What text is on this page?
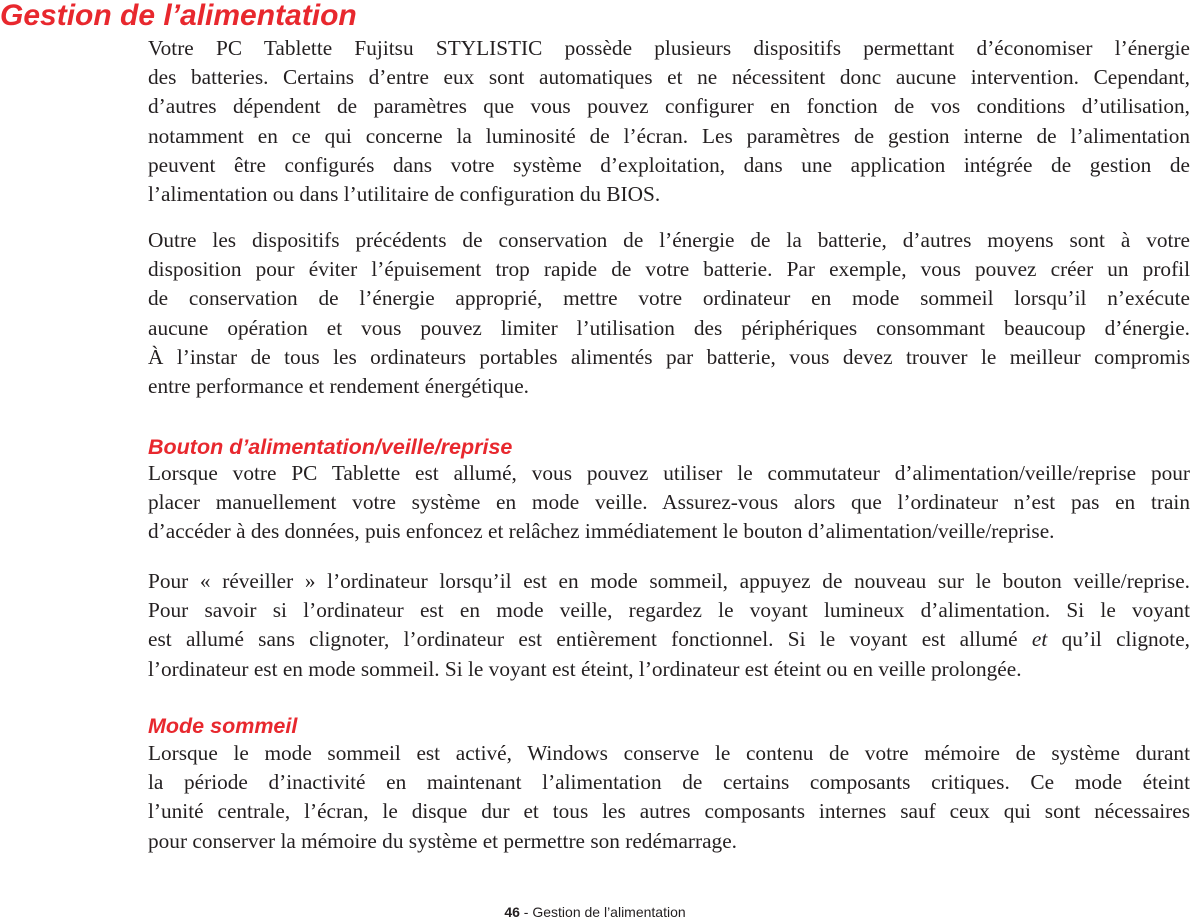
Gestion de l’alimentation
Votre PC Tablette Fujitsu STYLISTIC possède plusieurs dispositifs permettant d’économiser l’énergie
des batteries. Certains d’entre eux sont automatiques et ne nécessitent donc aucune intervention. Cependant,
d’autres dépendent de paramètres que vous pouvez configurer en fonction de vos conditions d’utilisation,
notamment en ce qui concerne la luminosité de l’écran. Les paramètres de gestion interne de l’alimentation
peuvent être configurés dans votre système d’exploitation, dans une application intégrée de gestion de
l’alimentation ou dans l’utilitaire de configuration du BIOS.
Outre les dispositifs précédents de conservation de l’énergie de la batterie, d’autres moyens sont à votre
disposition pour éviter l’épuisement trop rapide de votre batterie. Par exemple, vous pouvez créer un profil
de conservation de l’énergie approprié, mettre votre ordinateur en mode sommeil lorsqu’il n’exécute
aucune opération et vous pouvez limiter l’utilisation des périphériques consommant beaucoup d’énergie.
À l’instar de tous les ordinateurs portables alimentés par batterie, vous devez trouver le meilleur compromis
entre performance et rendement énergétique.
Bouton d’alimentation/veille/reprise
Lorsque votre PC Tablette est allumé, vous pouvez utiliser le commutateur d’alimentation/veille/reprise pour
placer manuellement votre système en mode veille. Assurez-vous alors que l’ordinateur n’est pas en train
d’accéder à des données, puis enfoncez et relâchez immédiatement le bouton d’alimentation/veille/reprise.
Pour « réveiller » l’ordinateur lorsqu’il est en mode sommeil, appuyez de nouveau sur le bouton veille/reprise.
Pour savoir si l’ordinateur est en mode veille, regardez le voyant lumineux d’alimentation. Si le voyant
est allumé sans clignoter, l’ordinateur est entièrement fonctionnel. Si le voyant est allumé et qu’il clignote,
l’ordinateur est en mode sommeil. Si le voyant est éteint, l’ordinateur est éteint ou en veille prolongée.
Mode sommeil
Lorsque le mode sommeil est activé, Windows conserve le contenu de votre mémoire de système durant
la période d’inactivité en maintenant l’alimentation de certains composants critiques. Ce mode éteint
l’unité centrale, l’écran, le disque dur et tous les autres composants internes sauf ceux qui sont nécessaires
pour conserver la mémoire du système et permettre son redémarrage.
46 - Gestion de l’alimentation
